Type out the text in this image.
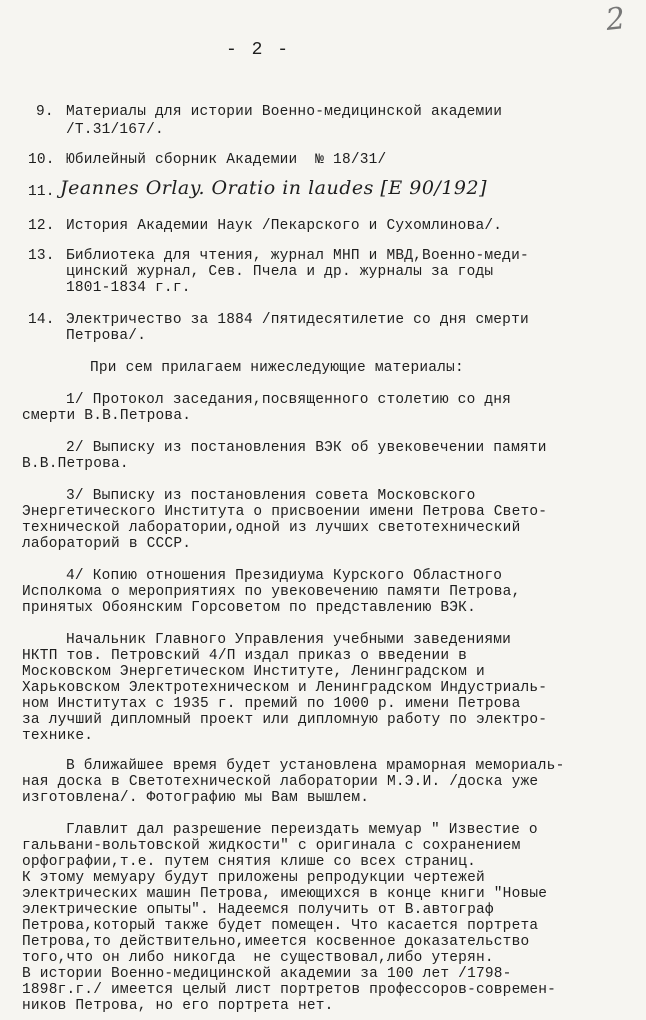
2
- 2 -
9. Материалы для истории Военно-медицинской академии
/Т.31/167/.
10. Юбилейный сборник Академии  № 18/31/
11. Jeannes Orlay. Oratio in laudes [E 90/192]
12. История Академии Наук /Пекарского и Сухомлинова/.
13. Библиотека для чтения, журнал МНП и МВД,Военно-меди-
цинский журнал, Сев. Пчела и др. журналы за годы
1801-1834 г.г.
14. Электричество за 1884 /пятидесятилетие со дня смерти
Петрова/.
При сем прилагаем нижеследующие материалы:
1/ Протокол заседания,посвященного столетию со дня
смерти В.В.Петрова.
2/ Выписку из постановления ВЭК об увековечении памяти
В.В.Петрова.
3/ Выписку из постановления совета Московского
Энергетического Института о присвоении имени Петрова Свето-
технической лаборатории,одной из лучших светотехнический
лабораторий в СССР.
4/ Копию отношения Президиума Курского Областного
Исполкома о мероприятиях по увековечению памяти Петрова,
принятых Обоянским Горсоветом по представлению ВЭК.
Начальник Главного Управления учебными заведениями
НКТП тов. Петровский 4/П издал приказ о введении в
Московском Энергетическом Институте, Ленинградском и
Харьковском Электротехническом и Ленинградском Индустриаль-
ном Институтах с 1935 г. премий по 1000 р. имени Петрова
за лучший дипломный проект или дипломную работу по электро-
технике.
В ближайшее время будет установлена мраморная мемориаль-
ная доска в Светотехнической лаборатории М.Э.И. /доска уже
изготовлена/. Фотографию мы Вам вышлем.
Главлит дал разрешение переиздать мемуар " Известие о
гальвани-вольтовской жидкости" с оригинала с сохранением
орфографии,т.е. путем снятия клише со всех страниц.
К этому мемуару будут приложены репродукции чертежей
электрических машин Петрова, имеющихся в конце книги "Новые
электрические опыты". Надеемся получить от В.автограф
Петрова,который также будет помещен. Что касается портрета
Петрова,то действительно,имеется косвенное доказательство
того,что он либо никогда  не существовал,либо утерян.
В истории Военно-медицинской академии за 100 лет /1798-
1898г.г./ имеется целый лист портретов профессоров-современ-
ников Петрова, но его портрета нет.
